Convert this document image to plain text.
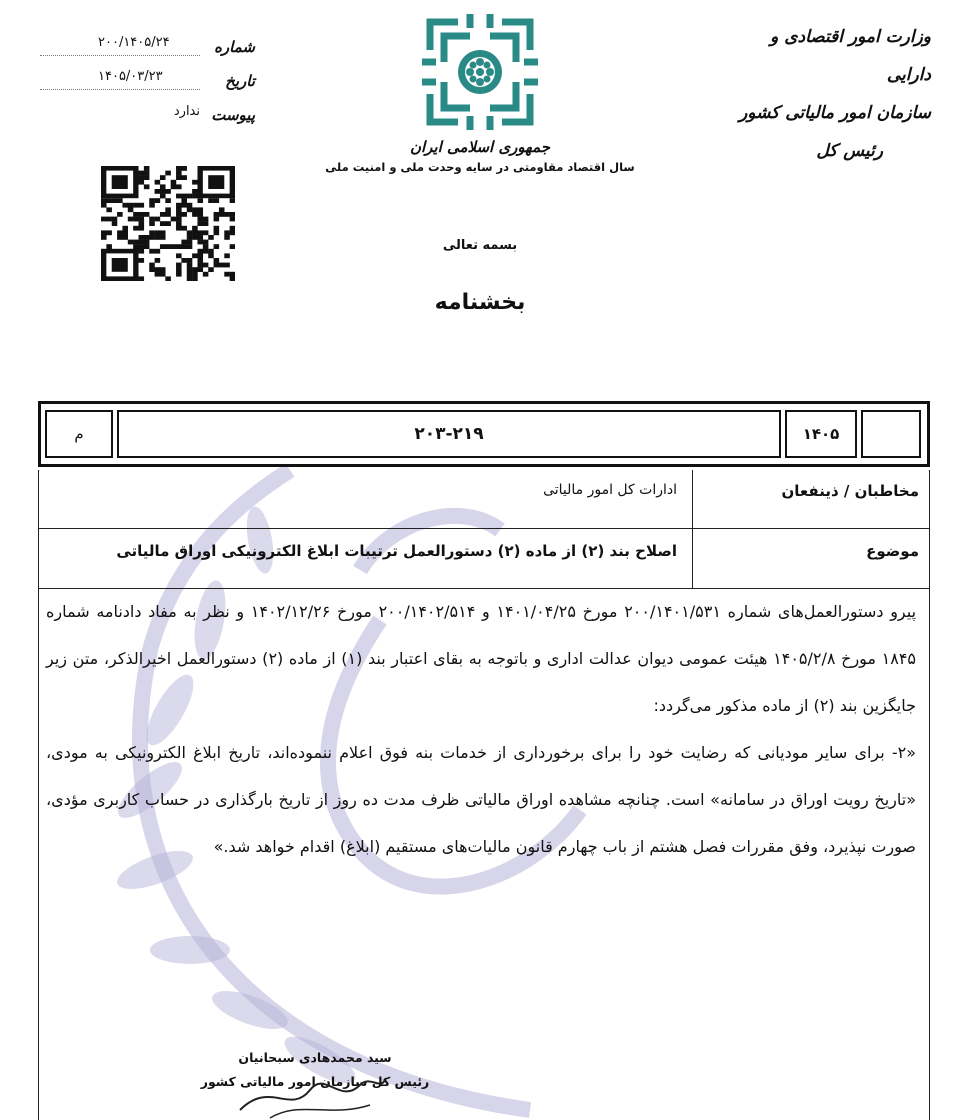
وزارت امور اقتصادی و دارایی
سازمان امور مالیاتی کشور
رئیس کل
جمهوری اسلامی ایران
سال اقتصاد مقاومتی در سایه وحدت ملی و امنیت ملی
شماره
۲۰۰/۱۴۰۵/۲۴
تاریخ
۱۴۰۵/۰۳/۲۳
پیوست
ندارد
بسمه تعالی
بخشنامه
۱۴۰۵
۲۰۳-۲۱۹
م
مخاطبان / ذینفعان
ادارات کل امور مالیاتی
موضوع
اصلاح بند (۲) از ماده (۲) دستورالعمل ترتیبات ابلاغ الکترونیکی اوراق مالیاتی

پیرو دستورالعمل‌های شماره ۲۰۰/۱۴۰۱/۵۳۱ مورخ ۱۴۰۱/۰۴/۲۵ و ۲۰۰/۱۴۰۲/۵۱۴ مورخ ۱۴۰۲/۱۲/۲۶ و نظر به مفاد دادنامه شماره ۱۸۴۵ مورخ ۱۴۰۵/۲/۸ هیئت عمومی دیوان عدالت اداری و باتوجه به بقای اعتبار بند (۱) از ماده (۲) دستورالعمل اخیرالذکر، متن زیر جایگزین بند (۲) از ماده مذکور می‌گردد:

«۲- برای سایر مودیانی که رضایت خود را برای برخورداری از خدمات بنه فوق اعلام ننموده‌اند، تاریخ ابلاغ الکترونیکی به مودی، «تاریخ رویت اوراق در سامانه» است. چنانچه مشاهده اوراق مالیاتی ظرف مدت ده روز از تاریخ بارگذاری در حساب کاربری مؤدی، صورت نپذیرد، وفق مقررات فصل هشتم از باب چهارم قانون مالیات‌های مستقیم (ابلاغ) اقدام خواهد شد.»

سید محمدهادی سبحانیان
رئیس کل سازمان امور مالیاتی کشور
